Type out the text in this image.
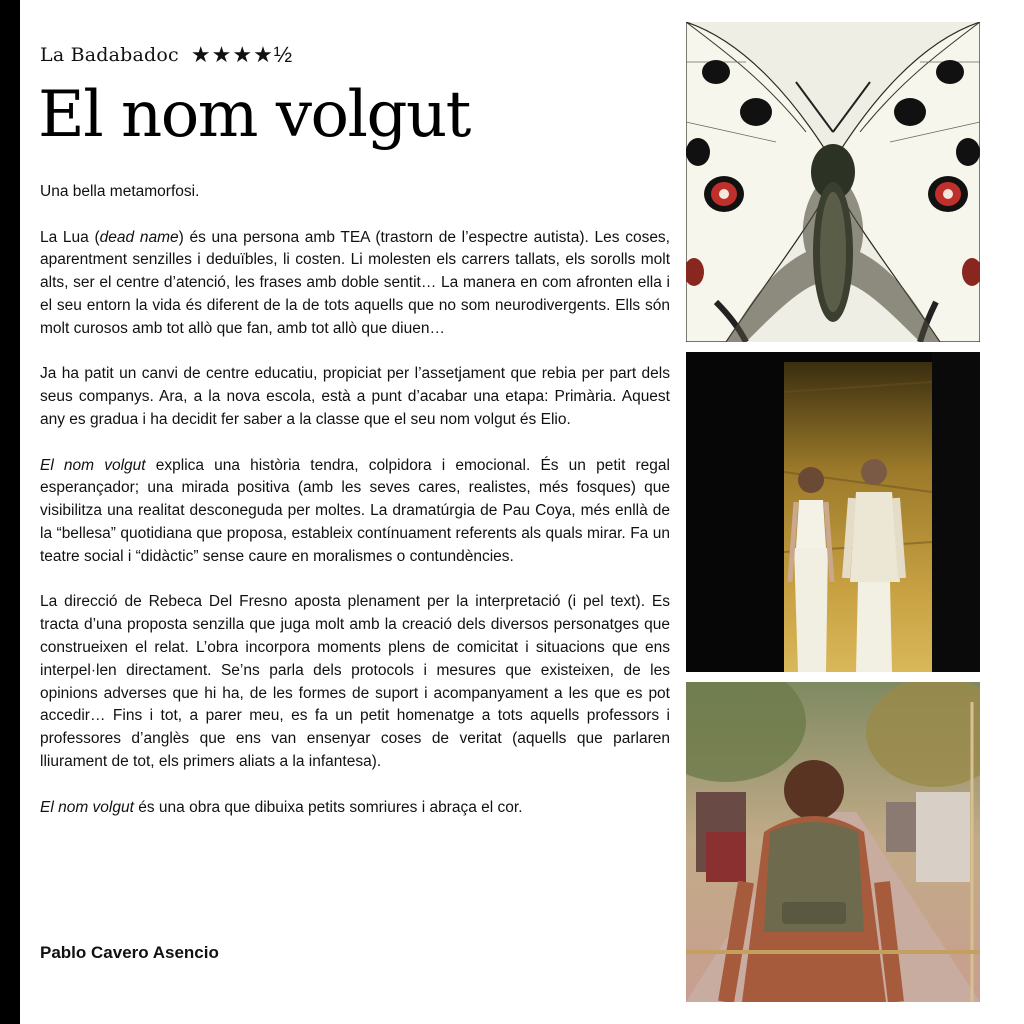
La Badabadoc ★★★★½
El nom volgut

Una bella metamorfosi.

La Lua (dead name) és una persona amb TEA (trastorn de l’espectre autista). Les coses, aparentment senzilles i deduïbles, li costen. Li molesten els carrers tallats, els sorolls molt alts, ser el centre d’atenció, les frases amb doble sentit… La manera en com afronten ella i el seu entorn la vida és diferent de la de tots aquells que no som neurodivergents. Ells són molt curosos amb tot allò que fan, amb tot allò que diuen…

Ja ha patit un canvi de centre educatiu, propiciat per l’assetjament que rebia per part dels seus companys. Ara, a la nova escola, està a punt d’acabar una etapa: Primària. Aquest any es gradua i ha decidit fer saber a la classe que el seu nom volgut és Elio.

El nom volgut explica una història tendra, colpidora i emocional. És un petit regal esperançador; una mirada positiva (amb les seves cares, realistes, més fosques) que visibilitza una realitat desconeguda per moltes. La dramatúrgia de Pau Coya, més enllà de la “bellesa” quotidiana que proposa, estableix contínuament referents als quals mirar. Fa un teatre social i “didàctic” sense caure en moralismes o contundències.

La direcció de Rebeca Del Fresno aposta plenament per la interpretació (i pel text). Es tracta d’una proposta senzilla que juga molt amb la creació dels diversos personatges que construeixen el relat. L’obra incorpora moments plens de comicitat i situacions que ens interpel·len directament. Se’ns parla dels protocols i mesures que existeixen, de les opinions adverses que hi ha, de les formes de suport i acompanyament a les que es pot accedir… Fins i tot, a parer meu, es fa un petit homenatge a tots aquells professors i professores d’anglès que ens van ensenyar coses de veritat (aquells que parlaren lliurament de tot, els primers aliats a la infantesa).

El nom volgut és una obra que dibuixa petits somriures i abraça el cor.

Pablo Cavero Asencio
